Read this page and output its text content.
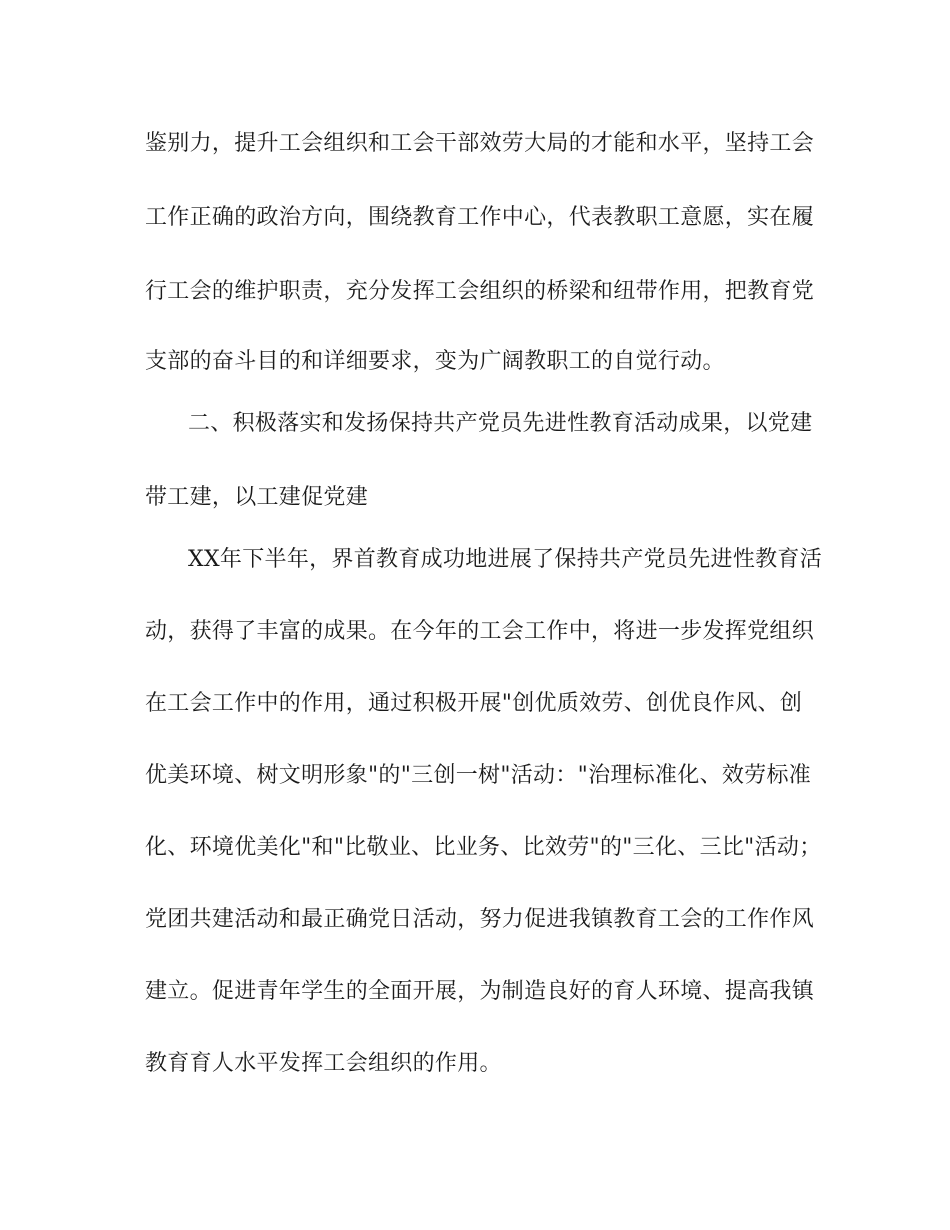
鉴别力，提升工会组织和工会干部效劳大局的才能和水平，坚持工会
工作正确的政治方向，围绕教育工作中心，代表教职工意愿，实在履
行工会的维护职责，充分发挥工会组织的桥梁和纽带作用，把教育党
支部的奋斗目的和详细要求，变为广阔教职工的自觉行动。
二、积极落实和发扬保持共产党员先进性教育活动成果，以党建
带工建，以工建促党建
XX年下半年，界首教育成功地进展了保持共产党员先进性教育活
动，获得了丰富的成果。在今年的工会工作中，将进一步发挥党组织
在工会工作中的作用，通过积极开展"创优质效劳、创优良作风、创
优美环境、树文明形象"的"三创一树"活动："治理标准化、效劳标准
化、环境优美化"和"比敬业、比业务、比效劳"的"三化、三比"活动；
党团共建活动和最正确党日活动，努力促进我镇教育工会的工作作风
建立。促进青年学生的全面开展，为制造良好的育人环境、提高我镇
教育育人水平发挥工会组织的作用。
